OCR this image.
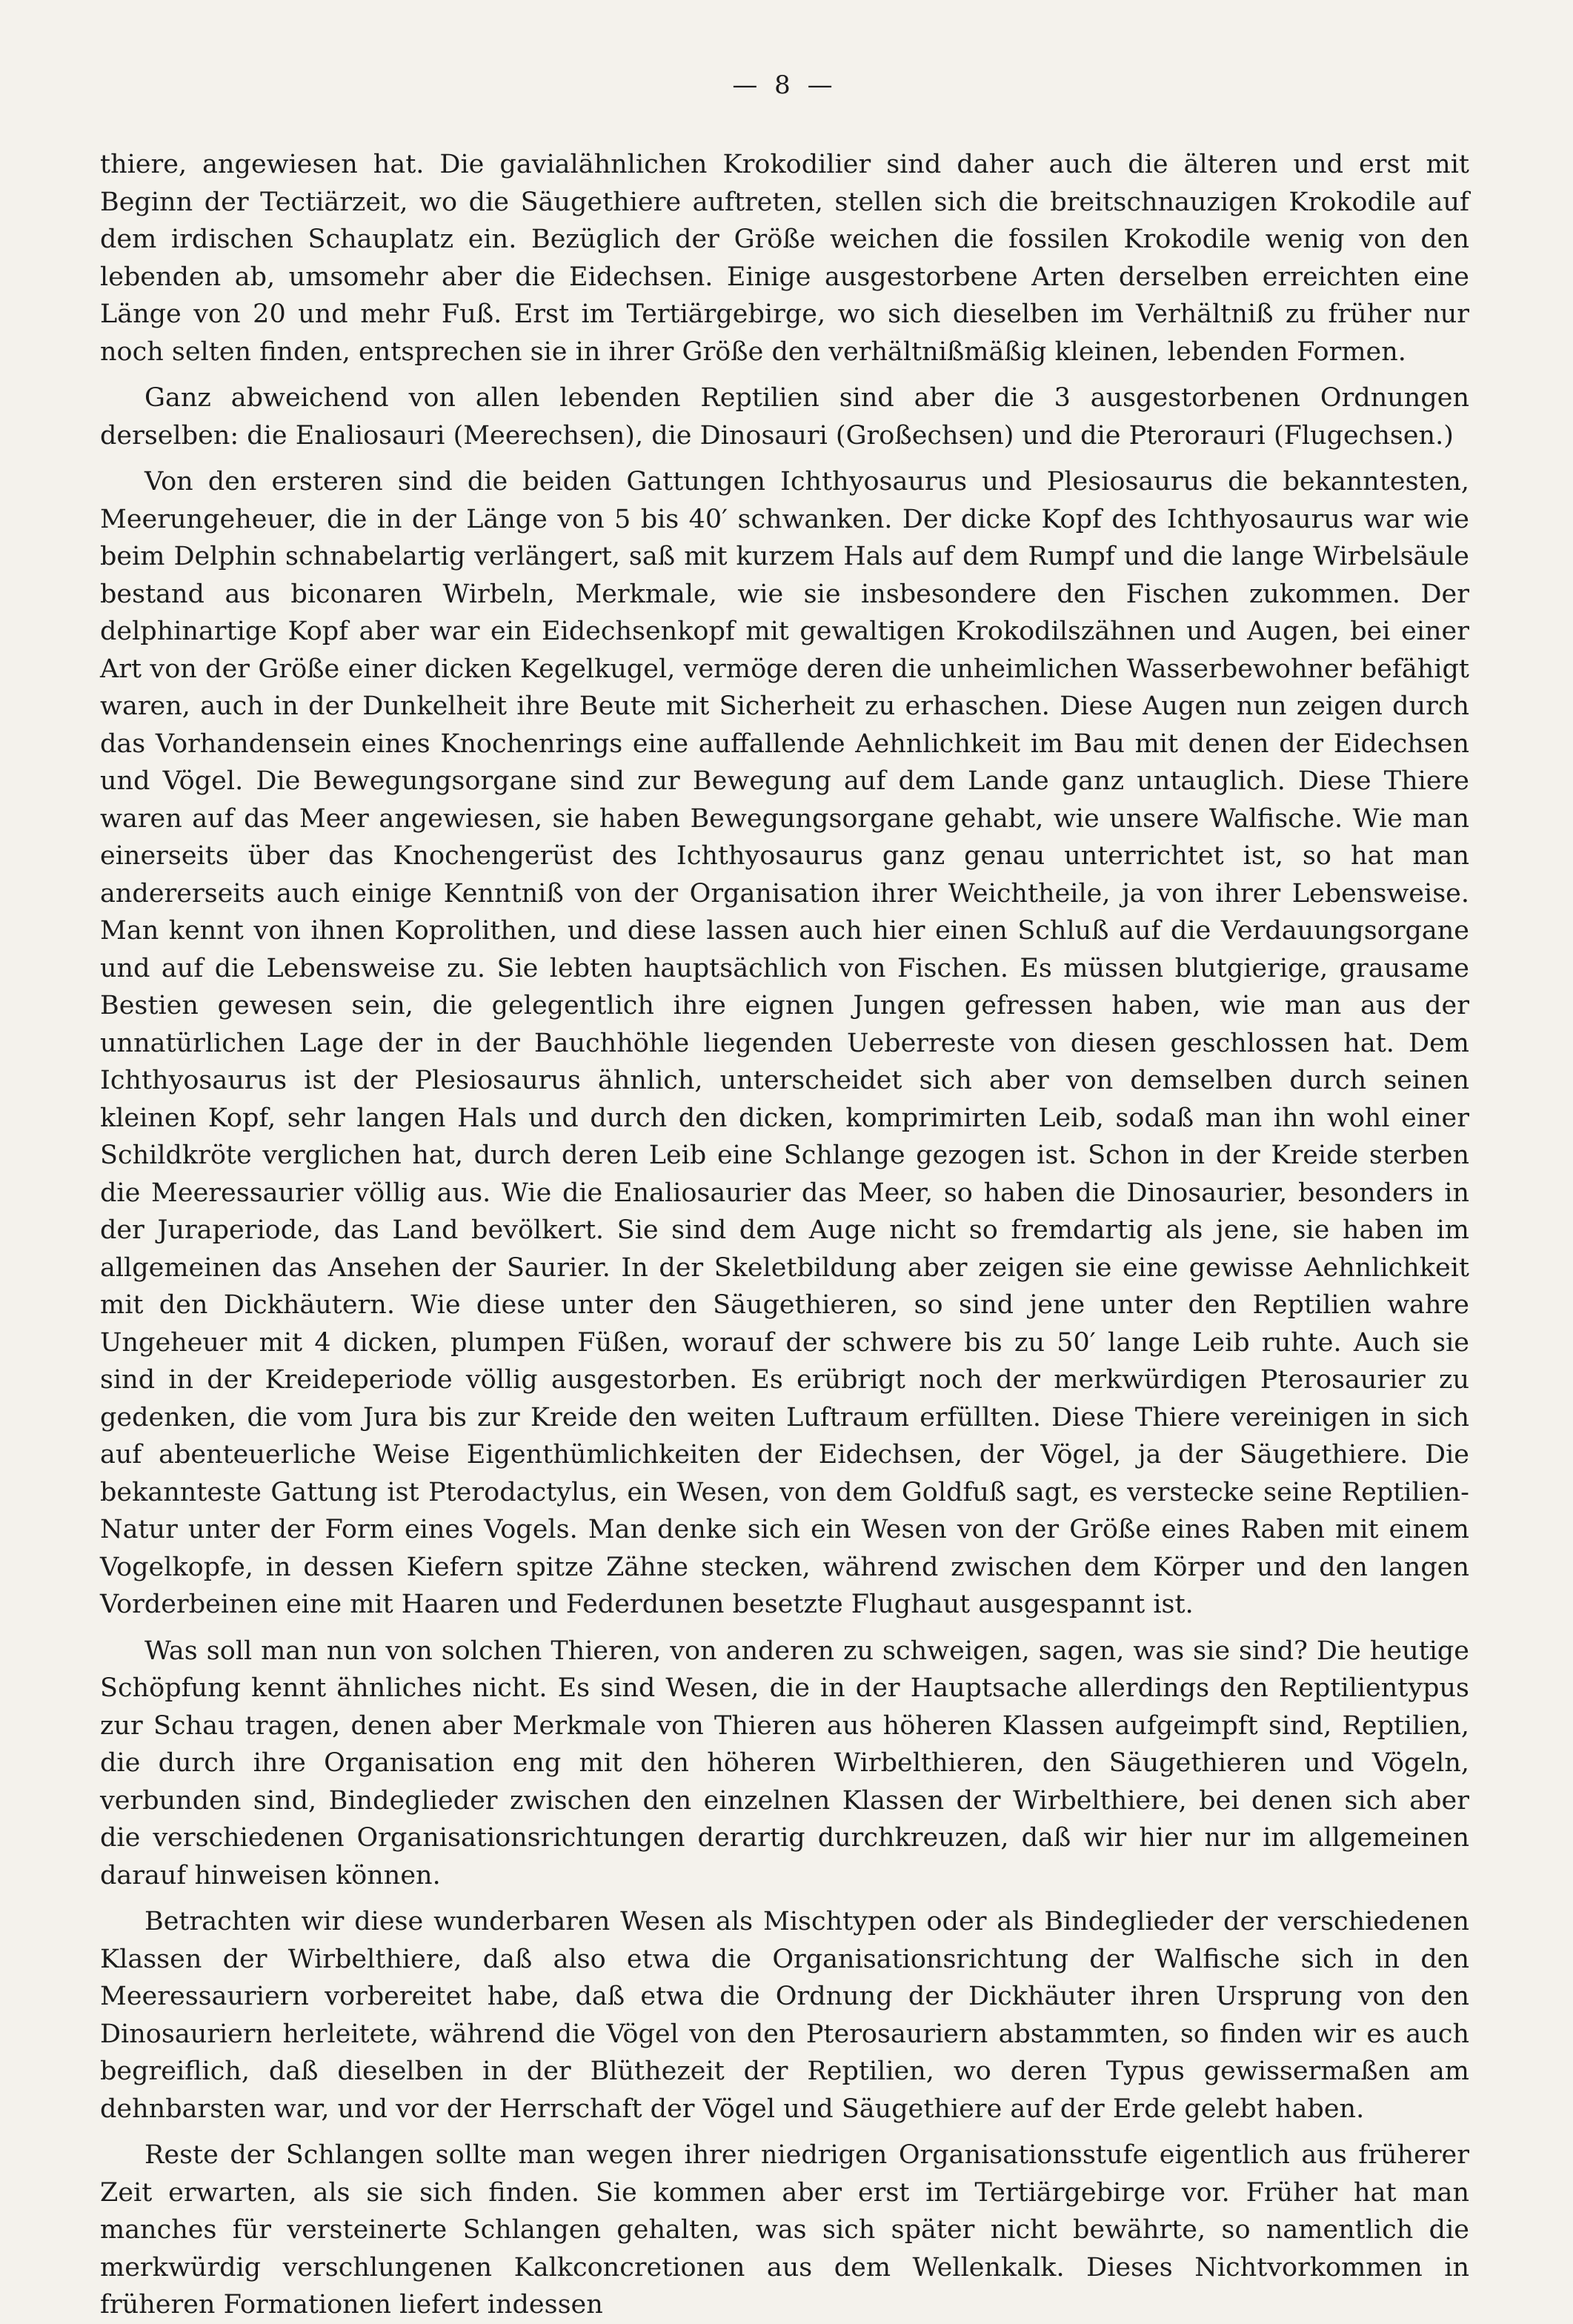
— 8 —

thiere, angewiesen hat. Die gavialähnlichen Krokodilier sind daher auch die älteren und erst mit Beginn der Tectiärzeit, wo die Säugethiere auftreten, stellen sich die breitschnauzigen Krokodile auf dem irdischen Schauplatz ein. Bezüglich der Größe weichen die fossilen Krokodile wenig von den lebenden ab, umsomehr aber die Eidechsen. Einige ausgestorbene Arten derselben erreichten eine Länge von 20 und mehr Fuß. Erst im Tertiärgebirge, wo sich dieselben im Verhältniß zu früher nur noch selten finden, entsprechen sie in ihrer Größe den verhältnißmäßig kleinen, lebenden Formen.

Ganz abweichend von allen lebenden Reptilien sind aber die 3 ausgestorbenen Ordnungen derselben: die Enaliosauri (Meerechsen), die Dinosauri (Großechsen) und die Pterorauri (Flugechsen.)

Von den ersteren sind die beiden Gattungen Ichthyosaurus und Plesiosaurus die bekanntesten, Meerungeheuer, die in der Länge von 5 bis 40′ schwanken. Der dicke Kopf des Ichthyosaurus war wie beim Delphin schnabelartig verlängert, saß mit kurzem Hals auf dem Rumpf und die lange Wirbelsäule bestand aus biconaren Wirbeln, Merkmale, wie sie insbesondere den Fischen zukommen. Der delphinartige Kopf aber war ein Eidechsenkopf mit gewaltigen Krokodilszähnen und Augen, bei einer Art von der Größe einer dicken Kegelkugel, vermöge deren die unheimlichen Wasserbewohner befähigt waren, auch in der Dunkelheit ihre Beute mit Sicherheit zu erhaschen. Diese Augen nun zeigen durch das Vorhandensein eines Knochenrings eine auffallende Aehnlichkeit im Bau mit denen der Eidechsen und Vögel. Die Bewegungsorgane sind zur Bewegung auf dem Lande ganz untauglich. Diese Thiere waren auf das Meer angewiesen, sie haben Bewegungsorgane gehabt, wie unsere Walfische. Wie man einerseits über das Knochengerüst des Ichthyosaurus ganz genau unterrichtet ist, so hat man andererseits auch einige Kenntniß von der Organisation ihrer Weichtheile, ja von ihrer Lebensweise. Man kennt von ihnen Koprolithen, und diese lassen auch hier einen Schluß auf die Verdauungsorgane und auf die Lebensweise zu. Sie lebten hauptsächlich von Fischen. Es müssen blutgierige, grausame Bestien gewesen sein, die gelegentlich ihre eignen Jungen gefressen haben, wie man aus der unnatürlichen Lage der in der Bauchhöhle liegenden Ueberreste von diesen geschlossen hat. Dem Ichthyosaurus ist der Plesiosaurus ähnlich, unterscheidet sich aber von demselben durch seinen kleinen Kopf, sehr langen Hals und durch den dicken, komprimirten Leib, sodaß man ihn wohl einer Schildkröte verglichen hat, durch deren Leib eine Schlange gezogen ist. Schon in der Kreide sterben die Meeressaurier völlig aus. Wie die Enaliosaurier das Meer, so haben die Dinosaurier, besonders in der Juraperiode, das Land bevölkert. Sie sind dem Auge nicht so fremdartig als jene, sie haben im allgemeinen das Ansehen der Saurier. In der Skeletbildung aber zeigen sie eine gewisse Aehnlichkeit mit den Dickhäutern. Wie diese unter den Säugethieren, so sind jene unter den Reptilien wahre Ungeheuer mit 4 dicken, plumpen Füßen, worauf der schwere bis zu 50′ lange Leib ruhte. Auch sie sind in der Kreideperiode völlig ausgestorben. Es erübrigt noch der merkwürdigen Pterosaurier zu gedenken, die vom Jura bis zur Kreide den weiten Luftraum erfüllten. Diese Thiere vereinigen in sich auf abenteuerliche Weise Eigenthümlichkeiten der Eidechsen, der Vögel, ja der Säugethiere. Die bekannteste Gattung ist Pterodactylus, ein Wesen, von dem Goldfuß sagt, es verstecke seine Reptilien-Natur unter der Form eines Vogels. Man denke sich ein Wesen von der Größe eines Raben mit einem Vogelkopfe, in dessen Kiefern spitze Zähne stecken, während zwischen dem Körper und den langen Vorderbeinen eine mit Haaren und Federdunen besetzte Flughaut ausgespannt ist.

Was soll man nun von solchen Thieren, von anderen zu schweigen, sagen, was sie sind? Die heutige Schöpfung kennt ähnliches nicht. Es sind Wesen, die in der Hauptsache allerdings den Reptilientypus zur Schau tragen, denen aber Merkmale von Thieren aus höheren Klassen aufgeimpft sind, Reptilien, die durch ihre Organisation eng mit den höheren Wirbelthieren, den Säugethieren und Vögeln, verbunden sind, Bindeglieder zwischen den einzelnen Klassen der Wirbelthiere, bei denen sich aber die verschiedenen Organisationsrichtungen derartig durchkreuzen, daß wir hier nur im allgemeinen darauf hinweisen können.

Betrachten wir diese wunderbaren Wesen als Mischtypen oder als Bindeglieder der verschiedenen Klassen der Wirbelthiere, daß also etwa die Organisationsrichtung der Walfische sich in den Meeressauriern vorbereitet habe, daß etwa die Ordnung der Dickhäuter ihren Ursprung von den Dinosauriern herleitete, während die Vögel von den Pterosauriern abstammten, so finden wir es auch begreiflich, daß dieselben in der Blüthezeit der Reptilien, wo deren Typus gewissermaßen am dehnbarsten war, und vor der Herrschaft der Vögel und Säugethiere auf der Erde gelebt haben.

Reste der Schlangen sollte man wegen ihrer niedrigen Organisationsstufe eigentlich aus früherer Zeit erwarten, als sie sich finden. Sie kommen aber erst im Tertiärgebirge vor. Früher hat man manches für versteinerte Schlangen gehalten, was sich später nicht bewährte, so namentlich die merkwürdig verschlungenen Kalkconcretionen aus dem Wellenkalk. Dieses Nichtvorkommen in früheren Formationen liefert indessen
